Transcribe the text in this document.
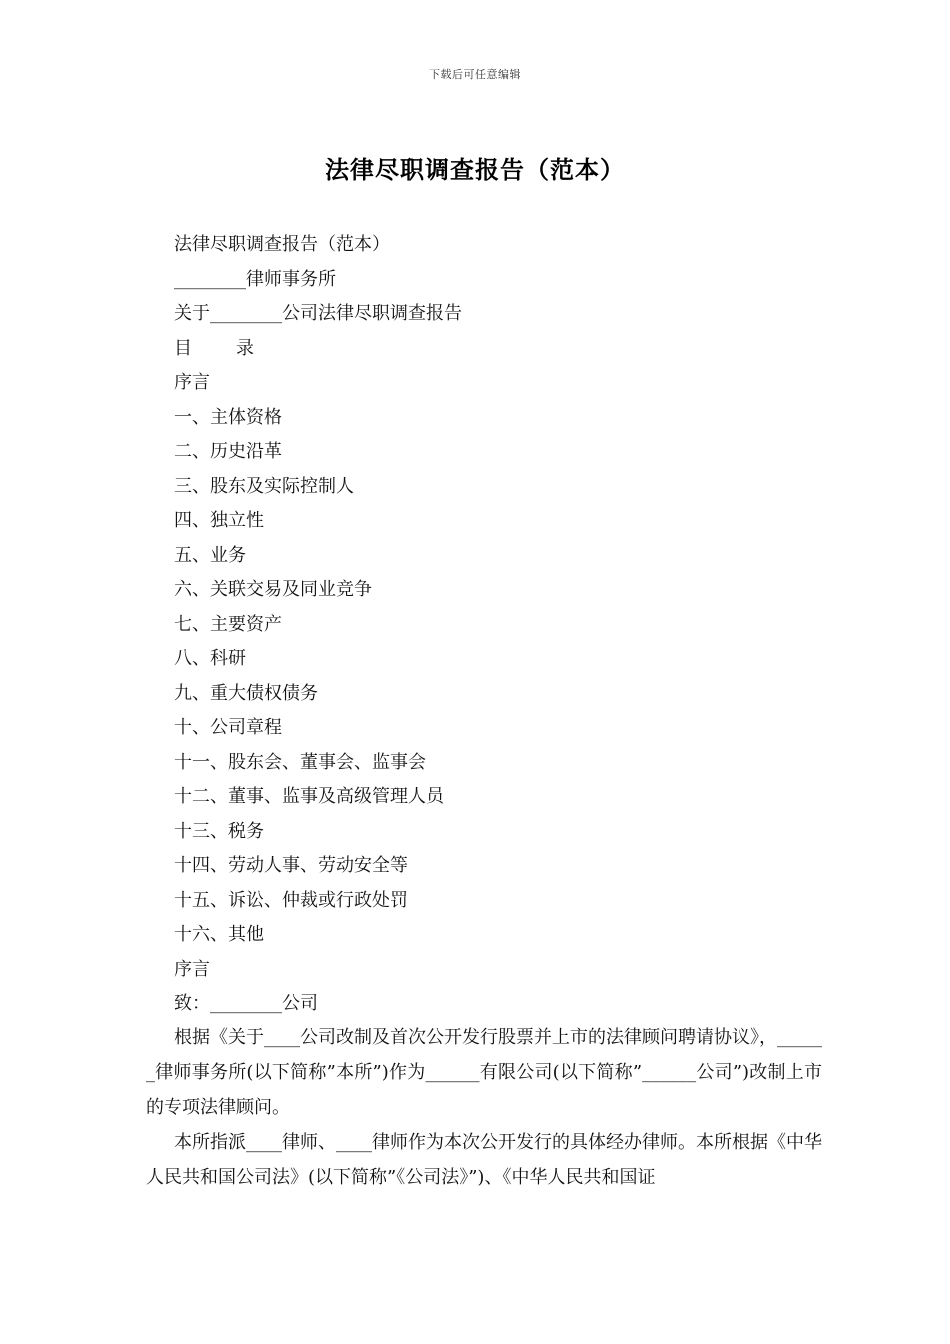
下载后可任意编辑
法律尽职调查报告（范本）
法律尽职调查报告（范本）
________律师事务所
关于________公司法律尽职调查报告
目 录
序言
一、主体资格
二、历史沿革
三、股东及实际控制人
四、独立性
五、业务
六、关联交易及同业竞争
七、主要资产
八、科研
九、重大债权债务
十、公司章程
十一、股东会、董事会、监事会
十二、董事、监事及高级管理人员
十三、税务
十四、劳动人事、劳动安全等
十五、诉讼、仲裁或行政处罚
十六、其他
序言
致：________公司

根据《关于____公司改制及首次公开发行股票并上市的法律顾问聘请协议》，______律师事务所(以下简称”本所”)作为______有限公司(以下简称”______公司”)改制上市的专项法律顾问。

本所指派____律师、____律师作为本次公开发行的具体经办律师。本所根据《中华人民共和国公司法》(以下简称”《公司法》”)、《中华人民共和国证
